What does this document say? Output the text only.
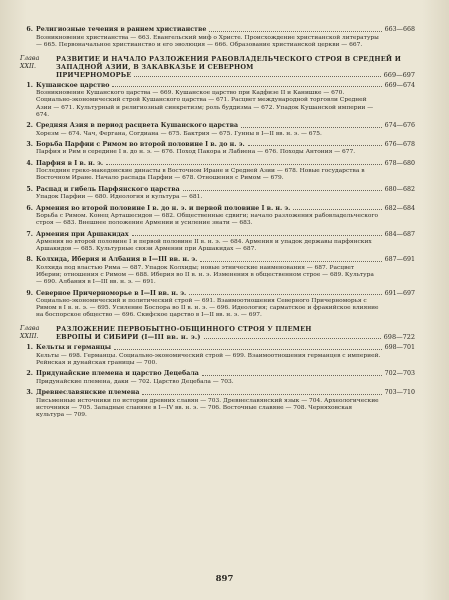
6. Религиозные течения в раннем христианстве	663—668
Возникновение христианства — 663. Евангельский миф о Христе. Происхождение христианской литературы — 665. Первоначальное христианство и его эволюция — 666. Образование христианской церкви — 667.
Глава XXII.
РАЗВИТИЕ И НАЧАЛО РАЗЛОЖЕНИЯ РАБОВЛАДЕЛЬЧЕСКОГО СТРОЯ В СРЕДНЕЙ И ЗАПАДНОЙ АЗИИ, В ЗАКАВКАЗЬЕ И СЕВЕРНОМ
ПРИЧЕРНОМОРЬЕ	669—697
1. Кушанское царство	669—674
Возникновение Кушанского царства — 669. Кушанское царство при Кадфизе II и Канишке — 670. Социально-экономический строй Кушанского царства — 671. Расцвет международной торговли Средней Азии — 671. Культурный и религиозный синкретизм; роль буддизма — 672. Упадок Кушанской империи — 674.
2. Средняя Азия в период расцвета Кушанского царства	674—676
Хорезм — 674. Чач, Фергана, Согдиана — 675. Бактрия — 675. Гунны в I—II вв. н. э. — 675.
3. Борьба Парфии с Римом во второй половине I в. до н. э.	676—678
Парфия и Рим в середине I в. до н. э. — 676. Поход Пакора и Лабиена — 676. Походы Антония — 677.
4. Парфия в I в. н. э.	678—680
Последние греко-македонские династы в Восточном Иране и Средней Азии — 678. Новые государства в Восточном Иране. Начало распада Парфии — 678. Отношения с Римом — 679.
5. Распад и гибель Парфянского царства	680—682
Упадок Парфии — 680. Идеология и культура — 681.
6. Армения во второй половине I в. до н. э. и первой половине I в. н. э.	682—684
Борьба с Римом. Конец Арташесидов — 682. Общественные сдвиги; начало разложения рабовладельческого строя — 683. Внешнее положение Армении и усиление знати — 683.
7. Армения при Аршакидах	684—687
Армения во второй половине I и первой половине II в. н. э. — 684. Армения и упадок державы парфянских Аршакидов — 685. Культурные связи Армении при Аршакидах — 687.
8. Колхида, Иберия и Албания в I—III вв. н. э.	687—691
Колхида под властью Рима — 687. Упадок Колхиды; новые этнические наименования — 687. Расцвет Иберии; отношения с Римом — 688. Иберия во II в. н. э. Изменения в общественном строе — 689. Культура — 690. Албания в I—III вв. н. э. — 691.
9. Северное Причерноморье в I—II вв. н. э.	691—697
Социально-экономический и политический строй — 691. Взаимоотношения Северного Причерноморья с Римом в I в. н. э. — 695. Усиление Боспора во II в. н. э. — 696. Идеология; сарматское и фракийское влияние на боспорское общество — 696. Скифское царство в I—II вв. н. э. — 697.
Глава XXIII.
РАЗЛОЖЕНИЕ ПЕРВОБЫТНО-ОБЩИННОГО СТРОЯ У ПЛЕМЕН
ЕВРОПЫ И СИБИРИ (I—III вв. н. э.)	698—722
1. Кельты и германцы	698—701
Кельты — 698. Германцы. Социально-экономический строй — 699. Взаимоотношения германцев с империей. Рейнская и дунайская границы — 700.
2. Придунайские племена и царство Децебала	702—703
Придунайские племена, даки — 702. Царство Децебала — 703.
3. Древнеславянские племена	703—710
Письменные источники по истории древних славян — 703. Древнеславянский язык — 704. Археологические источники — 705. Западные славяне в I—IV вв. н. э. — 706. Восточные славяне — 708. Черняховская культура — 709.
897
